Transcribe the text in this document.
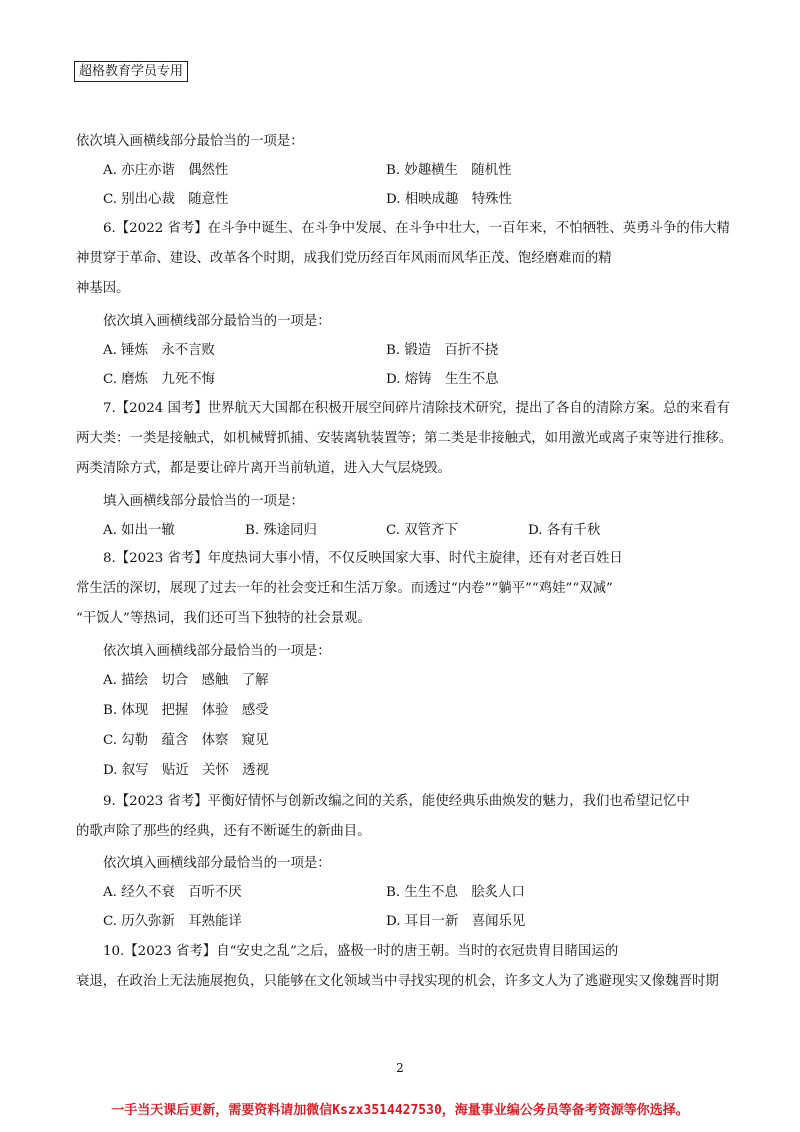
超格教育学员专用
依次填入画横线部分最恰当的一项是：
A. 亦庄亦谐　偶然性	B. 妙趣横生　随机性
C. 别出心裁　随意性	D. 相映成趣　特殊性
6.【2022 省考】在斗争中诞生、在斗争中发展、在斗争中壮大，一百年来，不怕牺牲、英勇斗争的伟大精
神贯穿于革命、建设、改革各个时期，成我们党历经百年风雨而风华正茂、饱经磨难而的精
神基因。
依次填入画横线部分最恰当的一项是：
A. 锤炼　永不言败	B. 锻造　百折不挠
C. 磨炼　九死不悔	D. 熔铸　生生不息
7.【2024 国考】世界航天大国都在积极开展空间碎片清除技术研究，提出了各自的清除方案。总的来看有
两大类：一类是接触式，如机械臂抓捕、安装离轨装置等；第二类是非接触式，如用激光或离子束等进行推移。
两类清除方式，都是要让碎片离开当前轨道，进入大气层烧毁。
填入画横线部分最恰当的一项是：
A. 如出一辙	B. 殊途同归	C. 双管齐下	D. 各有千秋
8.【2023 省考】年度热词大事小情，不仅反映国家大事、时代主旋律，还有对老百姓日
常生活的深切，展现了过去一年的社会变迁和生活万象。而透过“内卷”“躺平”“鸡娃”“双减”
“干饭人”等热词，我们还可当下独特的社会景观。
依次填入画横线部分最恰当的一项是：
A. 描绘　切合　感触　了解
B. 体现　把握　体验　感受
C. 勾勒　蕴含　体察　窥见
D. 叙写　贴近　关怀　透视
9.【2023 省考】平衡好情怀与创新改编之间的关系，能使经典乐曲焕发的魅力，我们也希望记忆中
的歌声除了那些的经典，还有不断诞生的新曲目。
依次填入画横线部分最恰当的一项是：
A. 经久不衰　百听不厌	B. 生生不息　脍炙人口
C. 历久弥新　耳熟能详	D. 耳目一新　喜闻乐见
10.【2023 省考】自“安史之乱”之后，盛极一时的唐王朝。当时的衣冠贵胄目睹国运的
衰退，在政治上无法施展抱负，只能够在文化领域当中寻找实现的机会，许多文人为了逃避现实又像魏晋时期
2
一手当天课后更新，需要资料请加微信Kszx3514427530，海量事业编公务员等备考资源等你选择。
